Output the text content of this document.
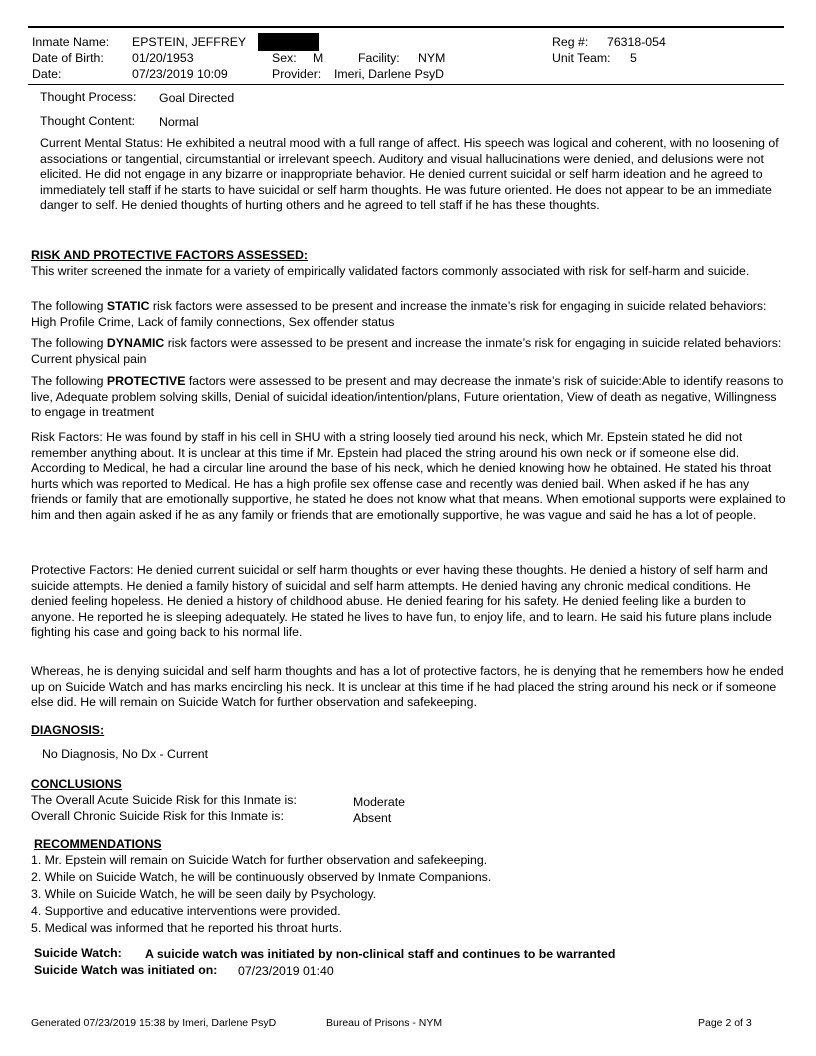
Inmate Name: EPSTEIN, JEFFREY
Date of Birth: 01/20/1953	Sex: M	Facility: NYM
Date:	07/23/2019 10:09	Provider: Imeri, Darlene PsyD
Reg #: 76318-054
Unit Team: 5
Thought Process: Goal Directed
Thought Content: Normal
Current Mental Status: He exhibited a neutral mood with a full range of affect. His speech was logical and coherent, with no loosening of associations or tangential, circumstantial or irrelevant speech. Auditory and visual hallucinations were denied, and delusions were not elicited. He did not engage in any bizarre or inappropriate behavior. He denied current suicidal or self harm ideation and he agreed to immediately tell staff if he starts to have suicidal or self harm thoughts. He was future oriented. He does not appear to be an immediate danger to self. He denied thoughts of hurting others and he agreed to tell staff if he has these thoughts.
RISK AND PROTECTIVE FACTORS ASSESSED:
This writer screened the inmate for a variety of empirically validated factors commonly associated with risk for self-harm and suicide.
The following STATIC risk factors were assessed to be present and increase the inmate’s risk for engaging in suicide related behaviors: High Profile Crime, Lack of family connections, Sex offender status
The following DYNAMIC risk factors were assessed to be present and increase the inmate’s risk for engaging in suicide related behaviors: Current physical pain
The following PROTECTIVE factors were assessed to be present and may decrease the inmate’s risk of suicide:Able to identify reasons to live, Adequate problem solving skills, Denial of suicidal ideation/intention/plans, Future orientation, View of death as negative, Willingness to engage in treatment
Risk Factors: He was found by staff in his cell in SHU with a string loosely tied around his neck, which Mr. Epstein stated he did not remember anything about. It is unclear at this time if Mr. Epstein had placed the string around his own neck or if someone else did. According to Medical, he had a circular line around the base of his neck, which he denied knowing how he obtained. He stated his throat hurts which was reported to Medical. He has a high profile sex offense case and recently was denied bail. When asked if he has any friends or family that are emotionally supportive, he stated he does not know what that means. When emotional supports were explained to him and then again asked if he as any family or friends that are emotionally supportive, he was vague and said he has a lot of people.
Protective Factors: He denied current suicidal or self harm thoughts or ever having these thoughts. He denied a history of self harm and suicide attempts. He denied a family history of suicidal and self harm attempts. He denied having any chronic medical conditions. He denied feeling hopeless. He denied a history of childhood abuse. He denied fearing for his safety. He denied feeling like a burden to anyone. He reported he is sleeping adequately. He stated he lives to have fun, to enjoy life, and to learn. He said his future plans include fighting his case and going back to his normal life.
Whereas, he is denying suicidal and self harm thoughts and has a lot of protective factors, he is denying that he remembers how he ended up on Suicide Watch and has marks encircling his neck. It is unclear at this time if he had placed the string around his neck or if someone else did. He will remain on Suicide Watch for further observation and safekeeping.
DIAGNOSIS:
No Diagnosis, No Dx - Current
CONCLUSIONS
The Overall Acute Suicide Risk for this Inmate is:	Moderate
Overall Chronic Suicide Risk for this Inmate is:	Absent
RECOMMENDATIONS
1. Mr. Epstein will remain on Suicide Watch for further observation and safekeeping.
2. While on Suicide Watch, he will be continuously observed by Inmate Companions.
3. While on Suicide Watch, he will be seen daily by Psychology.
4. Supportive and educative interventions were provided.
5. Medical was informed that he reported his throat hurts.
Suicide Watch: A suicide watch was initiated by non-clinical staff and continues to be warranted
Suicide Watch was initiated on: 07/23/2019 01:40
Generated 07/23/2019 15:38 by Imeri, Darlene PsyD	Bureau of Prisons - NYM	Page 2 of 3
